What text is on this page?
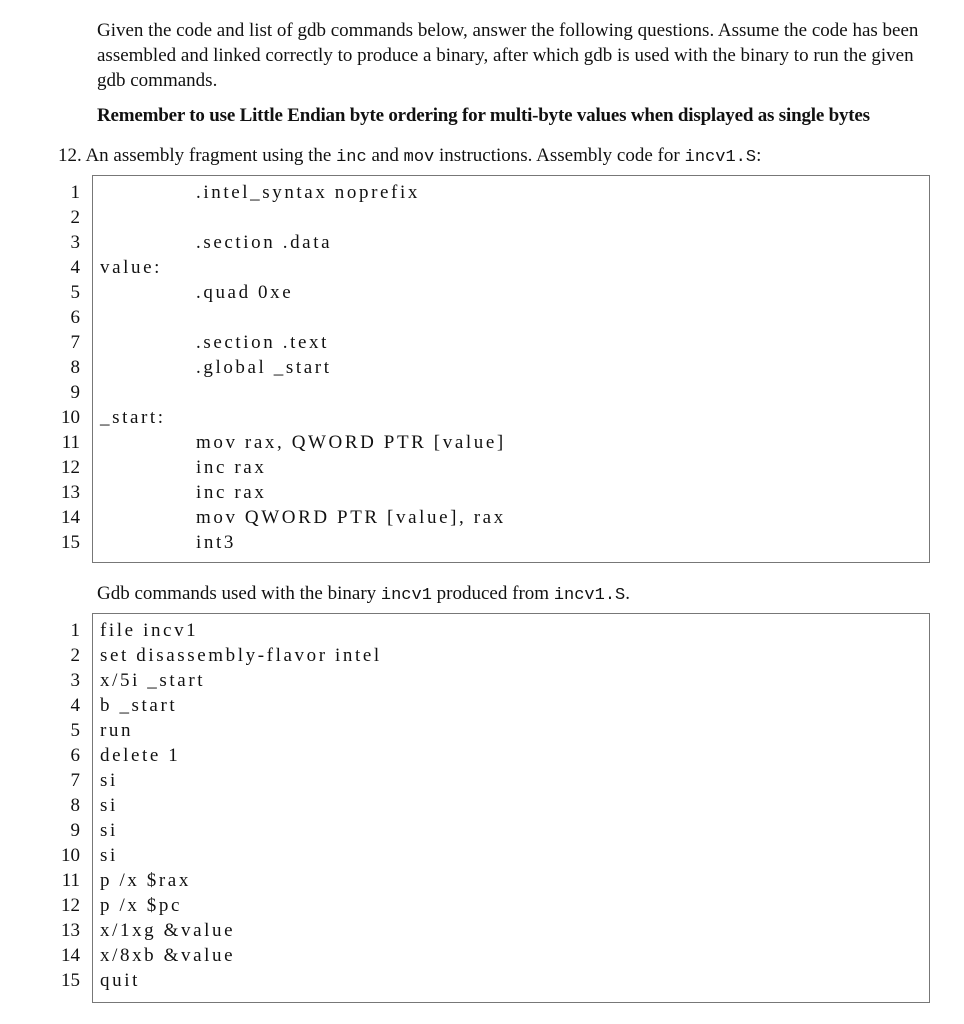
Given the code and list of gdb commands below, answer the following questions. Assume the code has been assembled and linked correctly to produce a binary, after which gdb is used with the binary to run the given gdb commands.

Remember to use Little Endian byte ordering for multi-byte values when displayed as single bytes

12. An assembly fragment using the inc and mov instructions. Assembly code for incv1.S:
1	.intel_syntax noprefix
2
3	.section .data
4 value:
5	.quad 0xe
6
7	.section .text
8	.global _start
9
10 _start:
11	mov rax, QWORD PTR [value]
12	inc rax
13	inc rax
14	mov QWORD PTR [value], rax
15	int3
Gdb commands used with the binary incv1 produced from incv1.S.
1 file incv1
2 set disassembly-flavor intel
3 x/5i _start
4 b _start
5 run
6 delete 1
7 si
8 si
9 si
10 si
11 p /x $rax
12 p /x $pc
13 x/1xg &value
14 x/8xb &value
15 quit
